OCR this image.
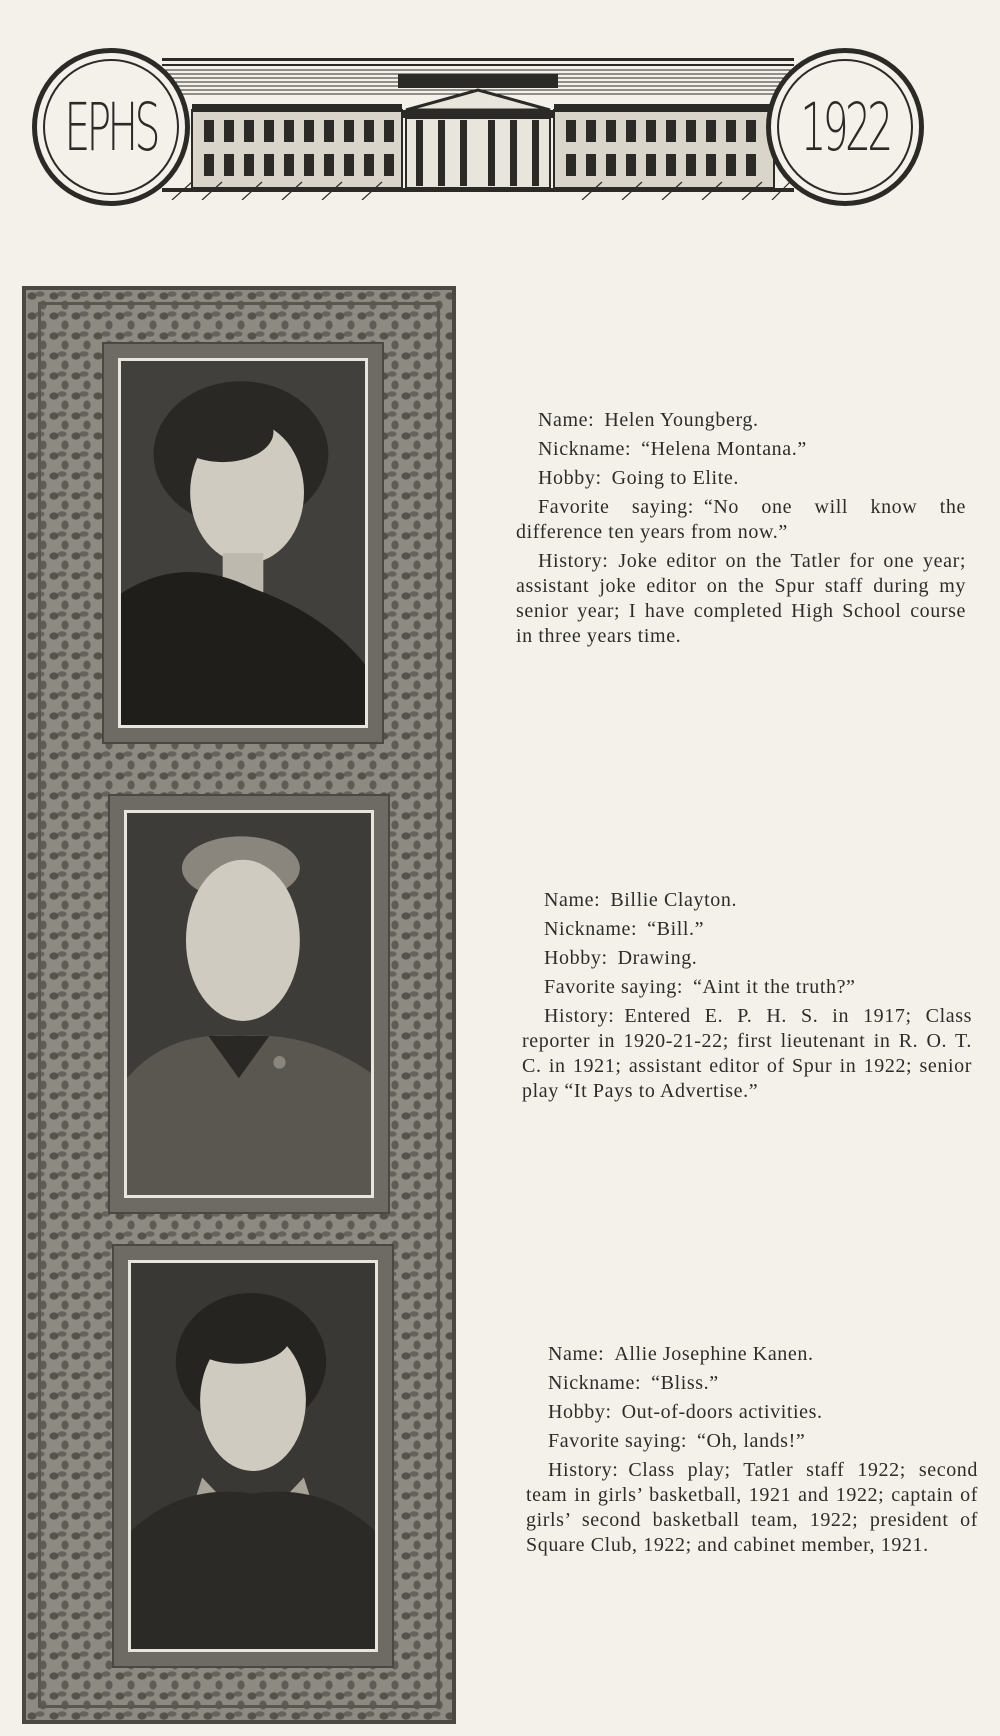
EPHS	1922

Name: Helen Youngberg.

Nickname: “Helena Montana.”

Hobby: Going to Elite.

Favorite saying: “No one will know the difference ten years from now.”

History: Joke editor on the Tatler for one year; assistant joke editor on the Spur staff during my senior year; I have completed High School course in three years time.

Name: Billie Clayton.

Nickname: “Bill.”

Hobby: Drawing.

Favorite saying: “Aint it the truth?”

History: Entered E. P. H. S. in 1917; Class reporter in 1920-21-22; first lieutenant in R. O. T. C. in 1921; assistant editor of Spur in 1922; senior play “It Pays to Advertise.”

Name: Allie Josephine Kanen.

Nickname: “Bliss.”

Hobby: Out-of-doors activities.

Favorite saying: “Oh, lands!”

History: Class play; Tatler staff 1922; second team in girls’ basketball, 1921 and 1922; captain of girls’ second basketball team, 1922; president of Square Club, 1922; and cabinet member, 1921.
